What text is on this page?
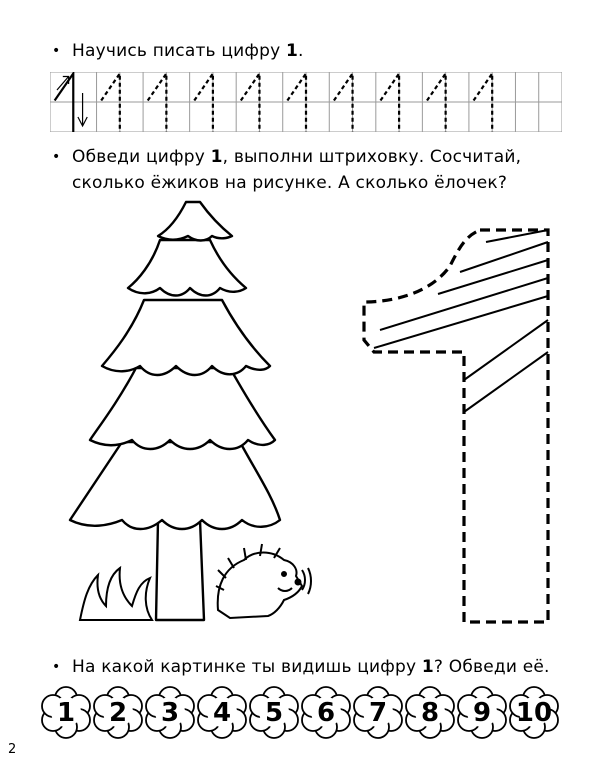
• Научись писать цифру 1.
• Обведи цифру 1, выполни штриховку. Сосчитай,
сколько ёжиков на рисунке. А сколько ёлочек?
• На какой картинке ты видишь цифру 1? Обведи её.
1 2 3 4 5 6 7 8 9 10
2
